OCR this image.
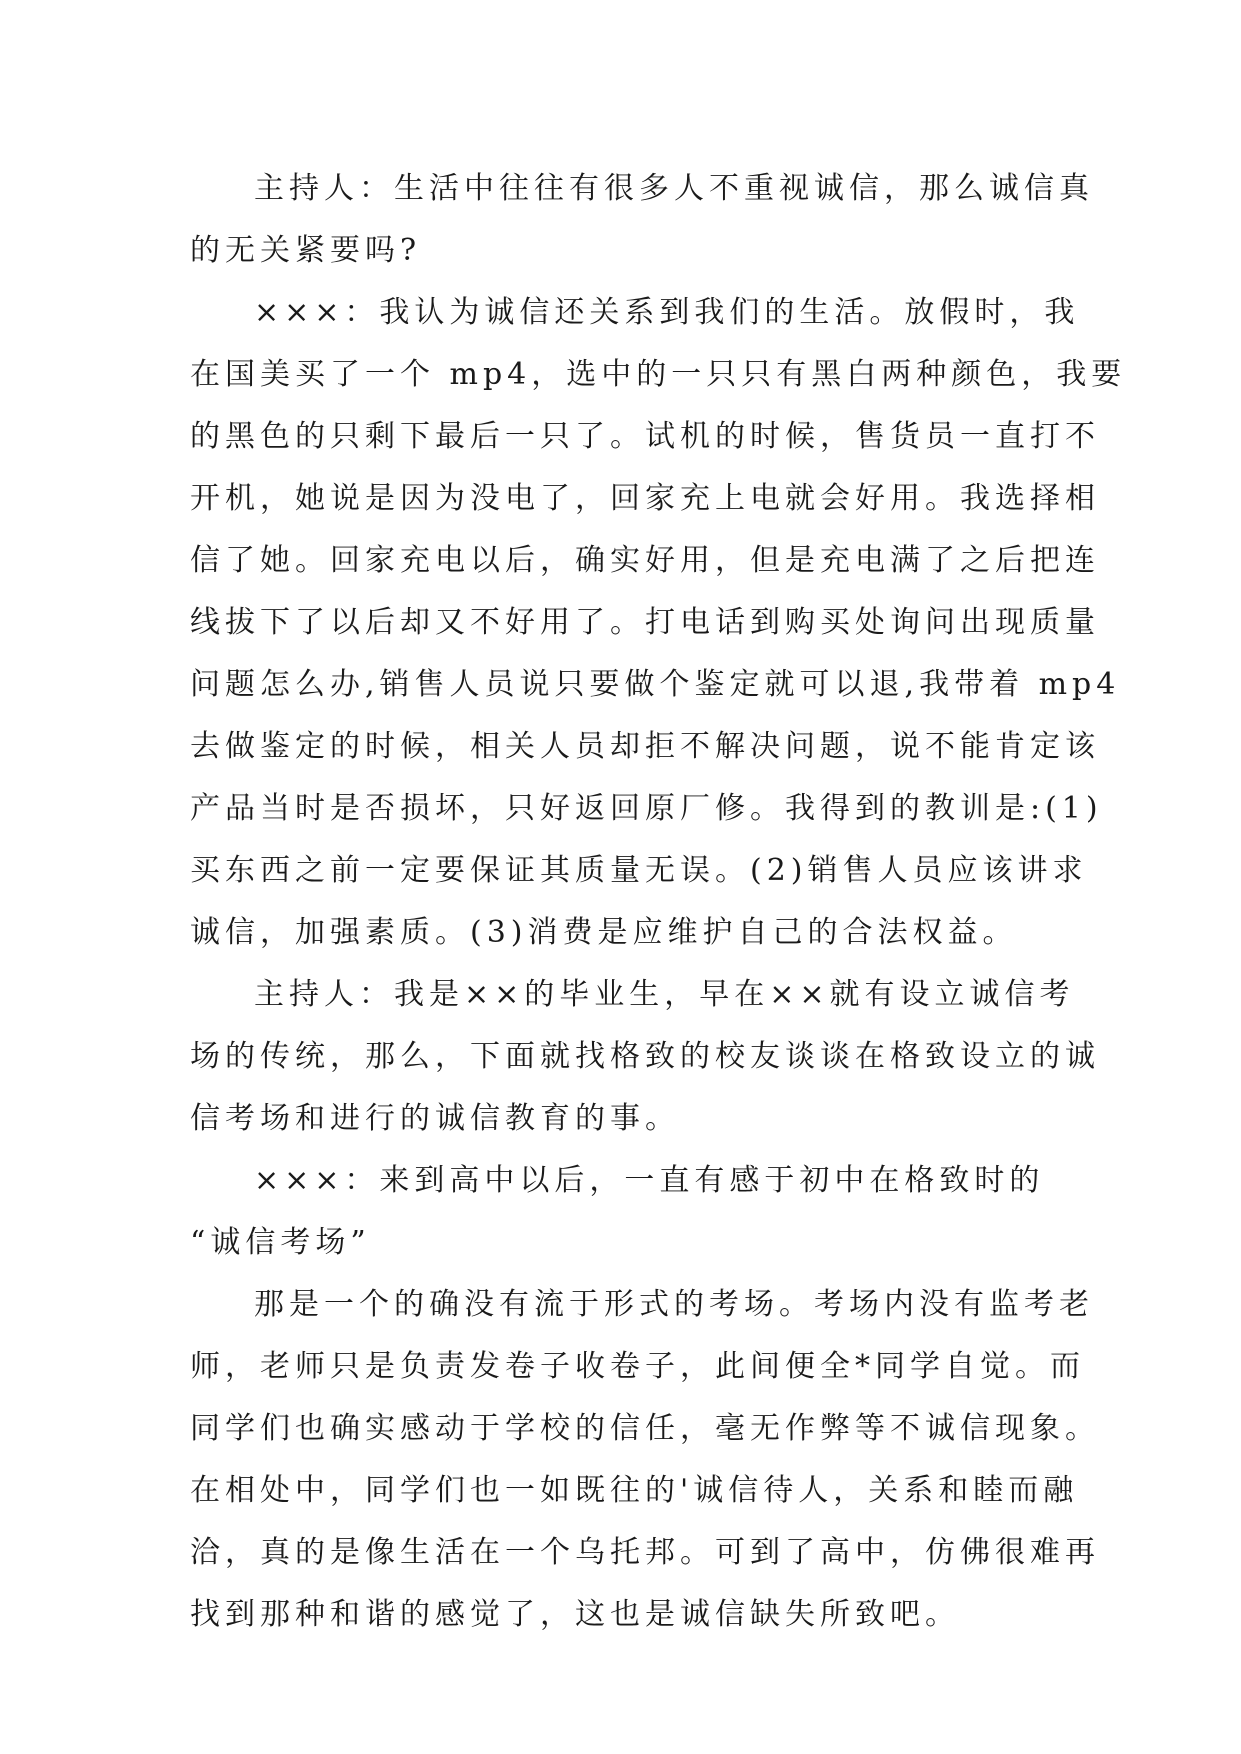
主持人：生活中往往有很多人不重视诚信，那么诚信真
的无关紧要吗?
×××：我认为诚信还关系到我们的生活。放假时，我
在国美买了一个 mp4，选中的一只只有黑白两种颜色，我要
的黑色的只剩下最后一只了。试机的时候，售货员一直打不
开机，她说是因为没电了，回家充上电就会好用。我选择相
信了她。回家充电以后，确实好用，但是充电满了之后把连
线拔下了以后却又不好用了。打电话到购买处询问出现质量
问题怎么办,销售人员说只要做个鉴定就可以退,我带着 mp4
去做鉴定的时候，相关人员却拒不解决问题，说不能肯定该
产品当时是否损坏，只好返回原厂修。我得到的教训是:(1)
买东西之前一定要保证其质量无误。(2)销售人员应该讲求
诚信，加强素质。(3)消费是应维护自己的合法权益。
主持人：我是××的毕业生，早在××就有设立诚信考
场的传统，那么，下面就找格致的校友谈谈在格致设立的诚
信考场和进行的诚信教育的事。
×××：来到高中以后，一直有感于初中在格致时的
“诚信考场”
那是一个的确没有流于形式的考场。考场内没有监考老
师，老师只是负责发卷子收卷子，此间便全*同学自觉。而
同学们也确实感动于学校的信任，毫无作弊等不诚信现象。
在相处中，同学们也一如既往的'诚信待人，关系和睦而融
洽，真的是像生活在一个乌托邦。可到了高中，仿佛很难再
找到那种和谐的感觉了，这也是诚信缺失所致吧。
